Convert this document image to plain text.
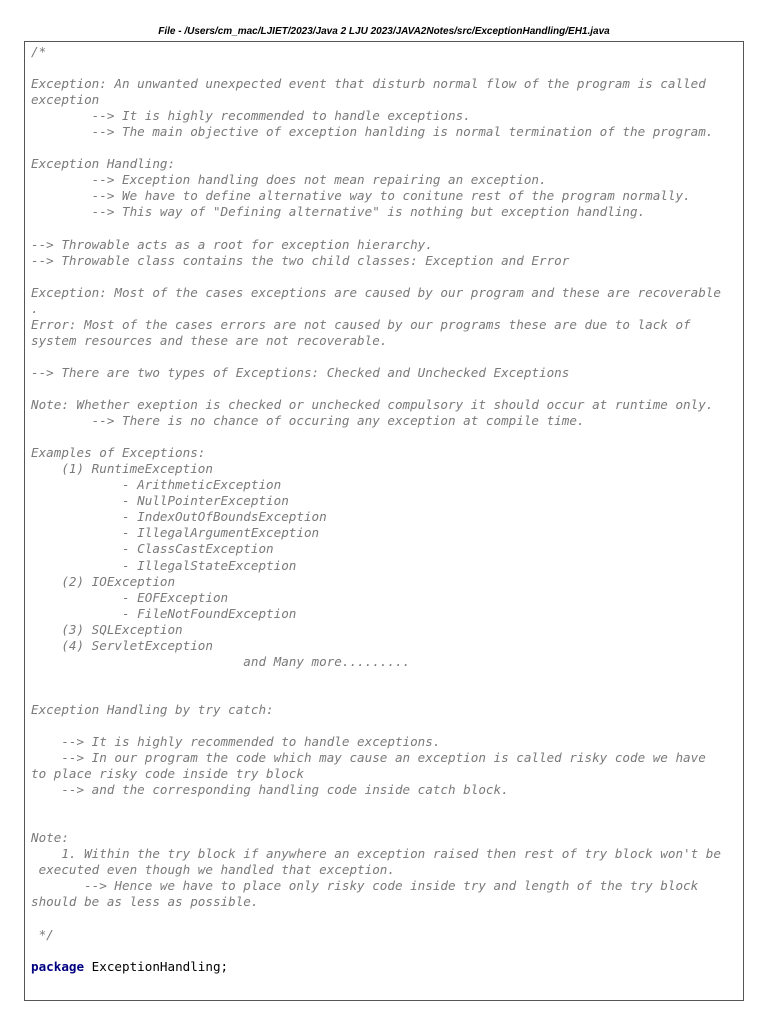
File - /Users/cm_mac/LJIET/2023/Java 2 LJU 2023/JAVA2Notes/src/ExceptionHandling/EH1.java
/*
Exception: An unwanted unexpected event that disturb normal flow of the program is called
exception
--> It is highly recommended to handle exceptions.
--> The main objective of exception hanlding is normal termination of the program.
Exception Handling:
--> Exception handling does not mean repairing an exception.
--> We have to define alternative way to conitune rest of the program normally.
--> This way of "Defining alternative" is nothing but exception handling.
--> Throwable acts as a root for exception hierarchy.
--> Throwable class contains the two child classes: Exception and Error
Exception: Most of the cases exceptions are caused by our program and these are recoverable
.
Error: Most of the cases errors are not caused by our programs these are due to lack of
system resources and these are not recoverable.
--> There are two types of Exceptions: Checked and Unchecked Exceptions
Note: Whether exeption is checked or unchecked compulsory it should occur at runtime only.
--> There is no chance of occuring any exception at compile time.
Examples of Exceptions:
(1) RuntimeException
- ArithmeticException
- NullPointerException
- IndexOutOfBoundsException
- IllegalArgumentException
- ClassCastException
- IllegalStateException
(2) IOException
- EOFException
- FileNotFoundException
(3) SQLException
(4) ServletException
and Many more.........
Exception Handling by try catch:
--> It is highly recommended to handle exceptions.
--> In our program the code which may cause an exception is called risky code we have
to place risky code inside try block
--> and the corresponding handling code inside catch block.
Note:
1. Within the try block if anywhere an exception raised then rest of try block won't be
executed even though we handled that exception.
--> Hence we have to place only risky code inside try and length of the try block
should be as less as possible.
*/
package ExceptionHandling;
